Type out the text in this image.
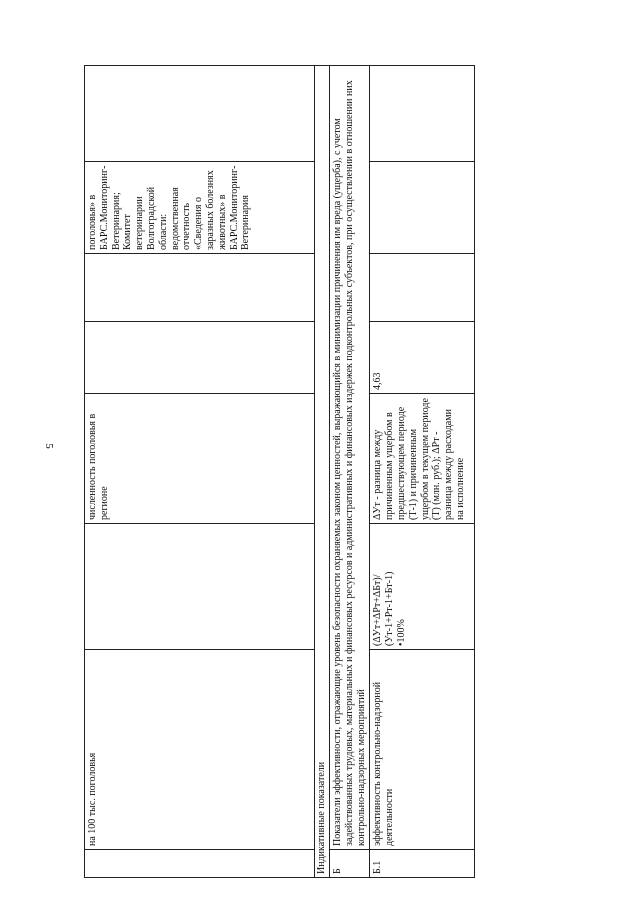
5
	на 100 тыс. поголовья		численность поголовья в регионе			поголовья» в БАРС.Мониторинг-Ветеринария; Комитет ветеринарии Волгоградской области: ведомственная отчетность «Сведения о заразных болезнях животных» в БАРС.Мониторинг-Ветеринария	
Индикативные показатели							
Б	Показатели эффективности, отражающие уровень безопасности охраняемых законом ценностей, выражающийся в минимизации причинения им вреда (ущерба), с учетом задействованных трудовых, материальных и финансовых ресурсов и административных и финансовых издержек подконтрольных субъектов, при осуществлении в отношении них контрольно-надзорных мероприятий						
Б.1	эффективность контрольно-надзорной деятельности	(ΔУт+ΔРт+ΔБт)/ (Ут-1+Рт-1+Бт-1) •100%	ΔУт - разница между причиненным ущербом в предшествующем периоде (Т-1) и причиненным ущербом в текущем периоде (Т) (млн. руб.); ΔРт - разница между расходами на исполнение	4,63			
